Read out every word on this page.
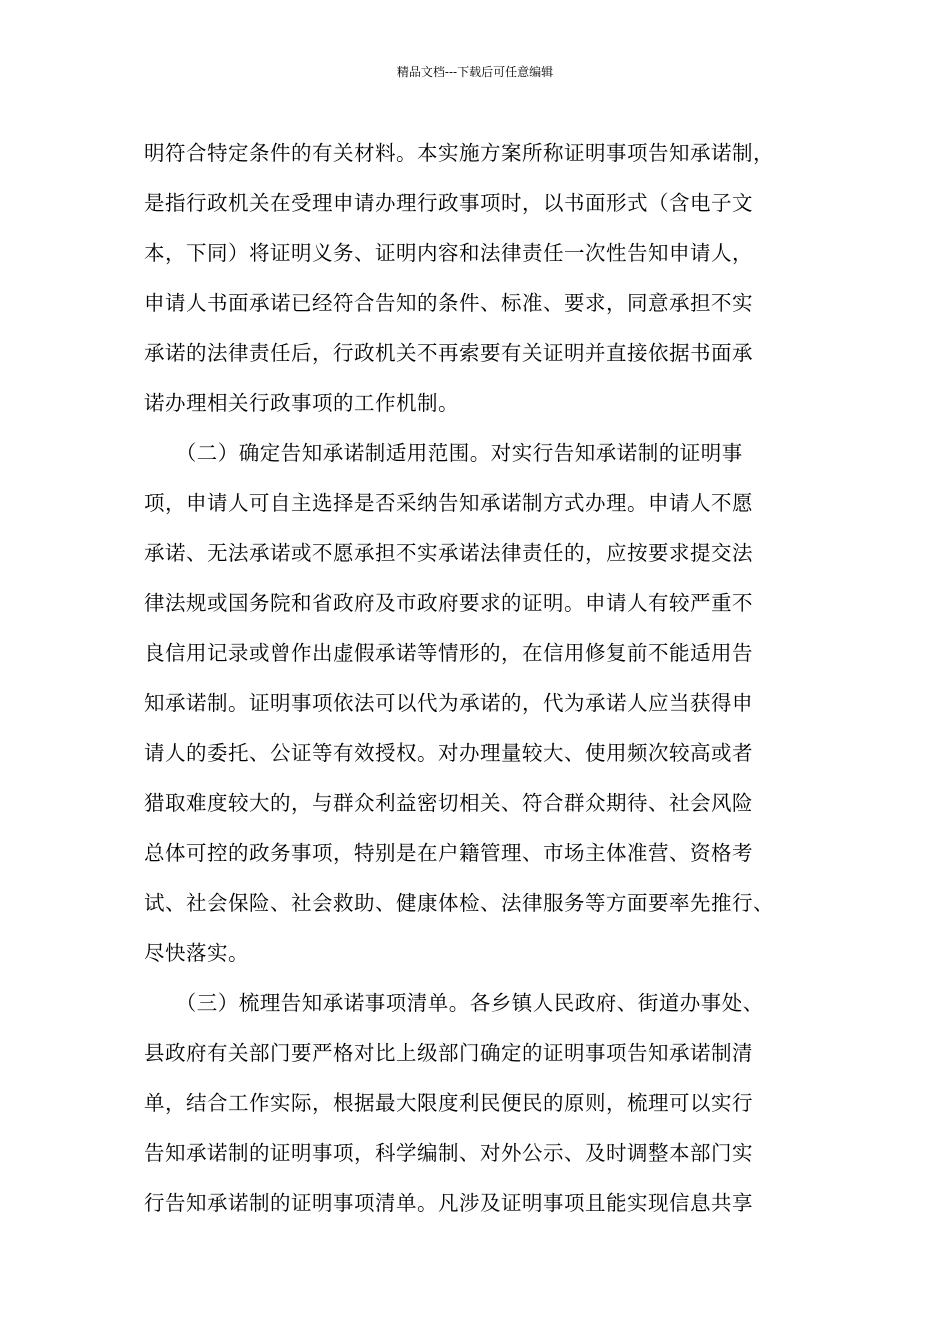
精品文档---下载后可任意编辑
明符合特定条件的有关材料。本实施方案所称证明事项告知承诺制，
是指行政机关在受理申请办理行政事项时，以书面形式（含电子文
本，下同）将证明义务、证明内容和法律责任一次性告知申请人，
申请人书面承诺已经符合告知的条件、标准、要求，同意承担不实
承诺的法律责任后，行政机关不再索要有关证明并直接依据书面承
诺办理相关行政事项的工作机制。
　　（二）确定告知承诺制适用范围。对实行告知承诺制的证明事
项，申请人可自主选择是否采纳告知承诺制方式办理。申请人不愿
承诺、无法承诺或不愿承担不实承诺法律责任的，应按要求提交法
律法规或国务院和省政府及市政府要求的证明。申请人有较严重不
良信用记录或曾作出虚假承诺等情形的，在信用修复前不能适用告
知承诺制。证明事项依法可以代为承诺的，代为承诺人应当获得申
请人的委托、公证等有效授权。对办理量较大、使用频次较高或者
猎取难度较大的，与群众利益密切相关、符合群众期待、社会风险
总体可控的政务事项，特别是在户籍管理、市场主体准营、资格考
试、社会保险、社会救助、健康体检、法律服务等方面要率先推行、
尽快落实。
　　（三）梳理告知承诺事项清单。各乡镇人民政府、街道办事处、
县政府有关部门要严格对比上级部门确定的证明事项告知承诺制清
单，结合工作实际，根据最大限度利民便民的原则，梳理可以实行
告知承诺制的证明事项，科学编制、对外公示、及时调整本部门实
行告知承诺制的证明事项清单。凡涉及证明事项且能实现信息共享
